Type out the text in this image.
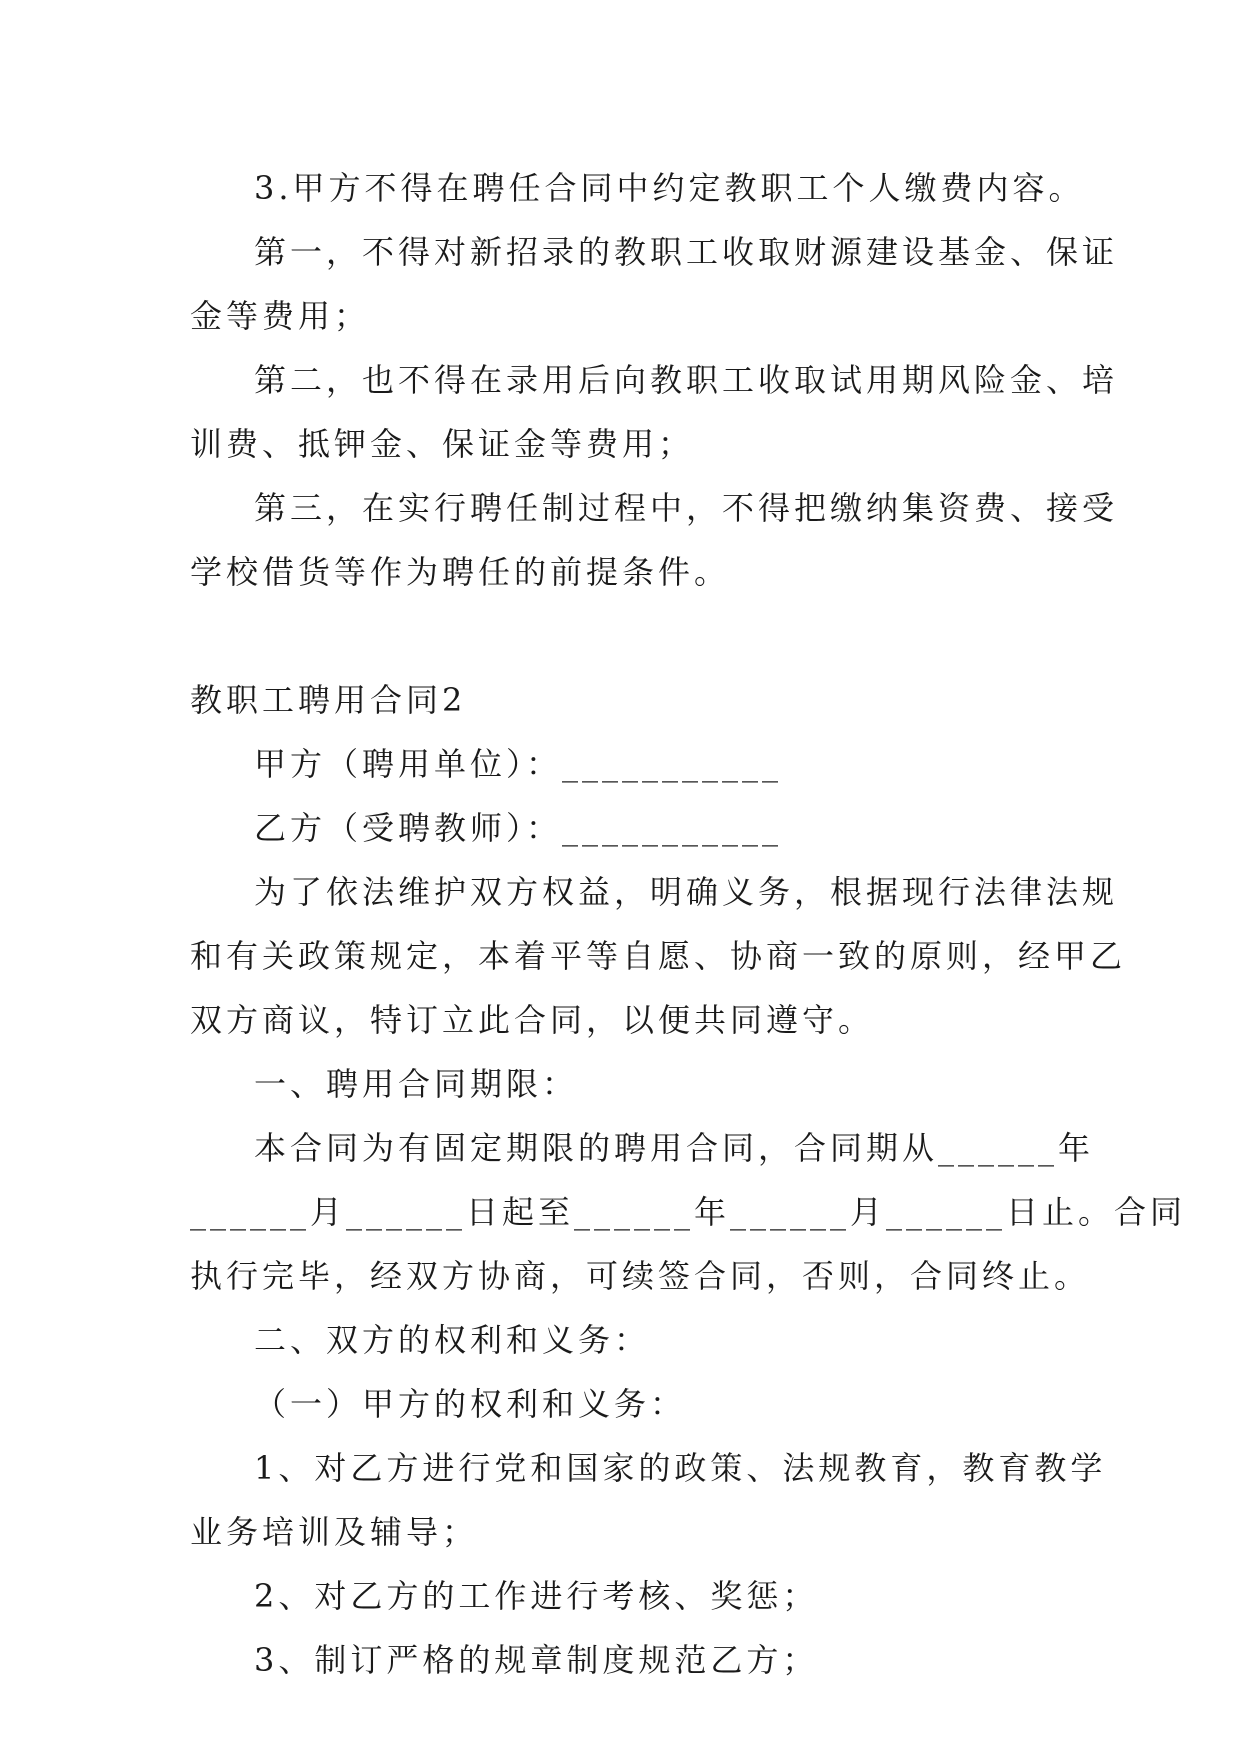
3.甲方不得在聘任合同中约定教职工个人缴费内容。

第一，不得对新招录的教职工收取财源建设基金、保证

金等费用；

第二，也不得在录用后向教职工收取试用期风险金、培

训费、抵钾金、保证金等费用；

第三，在实行聘任制过程中，不得把缴纳集资费、接受

学校借货等作为聘任的前提条件。

教职工聘用合同2

甲方（聘用单位）：___________

乙方（受聘教师）：___________

为了依法维护双方权益，明确义务，根据现行法律法规

和有关政策规定，本着平等自愿、协商一致的原则，经甲乙

双方商议，特订立此合同，以便共同遵守。

一、聘用合同期限：

本合同为有固定期限的聘用合同，合同期从______年

______月______日起至______年______月______日止。合同

执行完毕，经双方协商，可续签合同，否则，合同终止。

二、双方的权利和义务：

（一）甲方的权利和义务：

1、对乙方进行党和国家的政策、法规教育，教育教学

业务培训及辅导；

2、对乙方的工作进行考核、奖惩；

3、制订严格的规章制度规范乙方；
